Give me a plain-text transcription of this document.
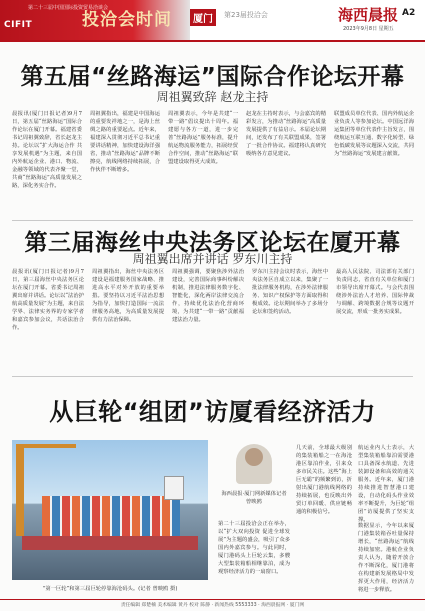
第二十三届中国国际投资贸易洽谈会
CIFIT	投洽会时间	厦门	第23届投洽会	海西晨报 A2
2023年9月8日 星期五
第五届“丝路海运”国际合作论坛开幕
周祖翼致辞 赵龙主持
晨报讯(厦门日报记者)9月7日，第五届“丝路海运”国际合作论坛在厦门开幕。福建省委书记周祖翼致辞，省长赵龙主持。论坛以“扩大海运合作 共享发展机遇”为主题，来自国内外航运企业、港口、物流、金融等领域的代表齐聚一堂，共商“丝路海运”高质量发展之路，深化务实合作。
周祖翼指出，福建是中国海运的重要发祥地之一，是海上丝绸之路的重要起点。近年来，福建深入贯彻习近平总书记重要讲话精神，加快建设海洋强省，推动“丝路海运”品牌不断擦亮，航线网络持续拓展，合作伙伴不断增多。
周祖翼表示，今年是共建“一带一路”倡议提出十周年。福建愿与各方一道，进一步完善“丝路海运”服务标准，提升航运物流服务能力，拓展经贸合作空间，推动“丝路海运”联盟建设取得更大成效。
赵龙在主持时表示，与会嘉宾的精彩发言，为推动“丝路海运”高质量发展提供了有益启示。本届论坛期间，还发布了有关联盟成果，签署了一批合作协议。福建将认真研究吸纳各方意见建议。
联盟成员单位代表、国内外航运企业负责人等参加论坛。中国远洋海运集团等单位代表作主旨发言，围绕航运互联互通、数字化转型、绿色低碳发展等议题深入交流，共同为“丝路海运”发展建言献策。
第三届海丝中央法务区论坛在厦开幕
周祖翼出席并讲话 罗东川主持
晨报讯(厦门日报记者)9月7日，第三届海丝中央法务区论坛在厦门开幕。省委书记周祖翼出席并讲话。论坛以“法治护航高质量发展”为主题，来自法学界、法律实务界的专家学者和嘉宾参加会议，共话法治合作。
周祖翼指出，海丝中央法务区建设是福建服务国家战略、推进高水平对外开放的重要举措。要坚持以习近平法治思想为指导，加快打造国际一流法律服务高地，为高质量发展提供有力法治保障。
周祖翼强调，要聚焦涉外法治建设，完善国际商事纠纷解决机制，推进法律服务数字化、智能化，深化两岸法律交流合作，持续优化法治化营商环境，为共建“一带一路”贡献福建法治力量。
罗东川主持会议时表示，海丝中央法务区自成立以来，集聚了一批法律服务机构，在涉外法律服务、知识产权保护等方面取得积极成效。论坛期间举办了多场分论坛和签约活动。
最高人民法院、司法部有关部门负责同志，省直有关单位和厦门市领导出席开幕式。与会代表围绕涉外法治人才培养、国际仲裁与调解、跨境数据合规等议题开展交流，形成一批务实成果。
从巨轮“组团”访厦看经济活力
“第一巨轮”和第三届巨轮停靠海沧码头。(记者 曾映鸥 摄)
海西晨报·厦门网新媒体记者 曾映鸥
第二十三届投洽会正在举办，以“扩大双向投资 促进全球发展”为主题的盛会，吸引了众多国内外嘉宾参与。与此同时，厦门港码头上巨轮云集，多艘大型集装箱船相继靠泊，成为观察经济活力的一扇窗口。
几天前，全球最大级别的集装箱船之一在海沧港区靠泊作业，引来众多市民关注。这些“海上巨无霸”的频繁到访，折射出厦门港航线网络的持续拓展，也反映出外贸订单回暖、供应链畅通的积极信号。
航运业内人士表示，大型集装箱船靠泊需要港口具备深水航道、先进装卸设备和高效的通关服务。近年来，厦门港持续推进智慧港口建设，自动化码头作业效率不断提升，为巨轮“组团”访厦提供了坚实支撑。
数据显示，今年以来厦门港集装箱吞吐量保持增长，“丝路海运”航线持续加密。港航企业负责人认为，随着开放合作不断深化，厦门港将在构建新发展格局中发挥更大作用，经济活力将进一步释放。
责任编辑 郑楚楠 美术编辑 黄丹 校对 陈静 · 新闻热线 5553333 · 海西晨报网 · 厦门网
